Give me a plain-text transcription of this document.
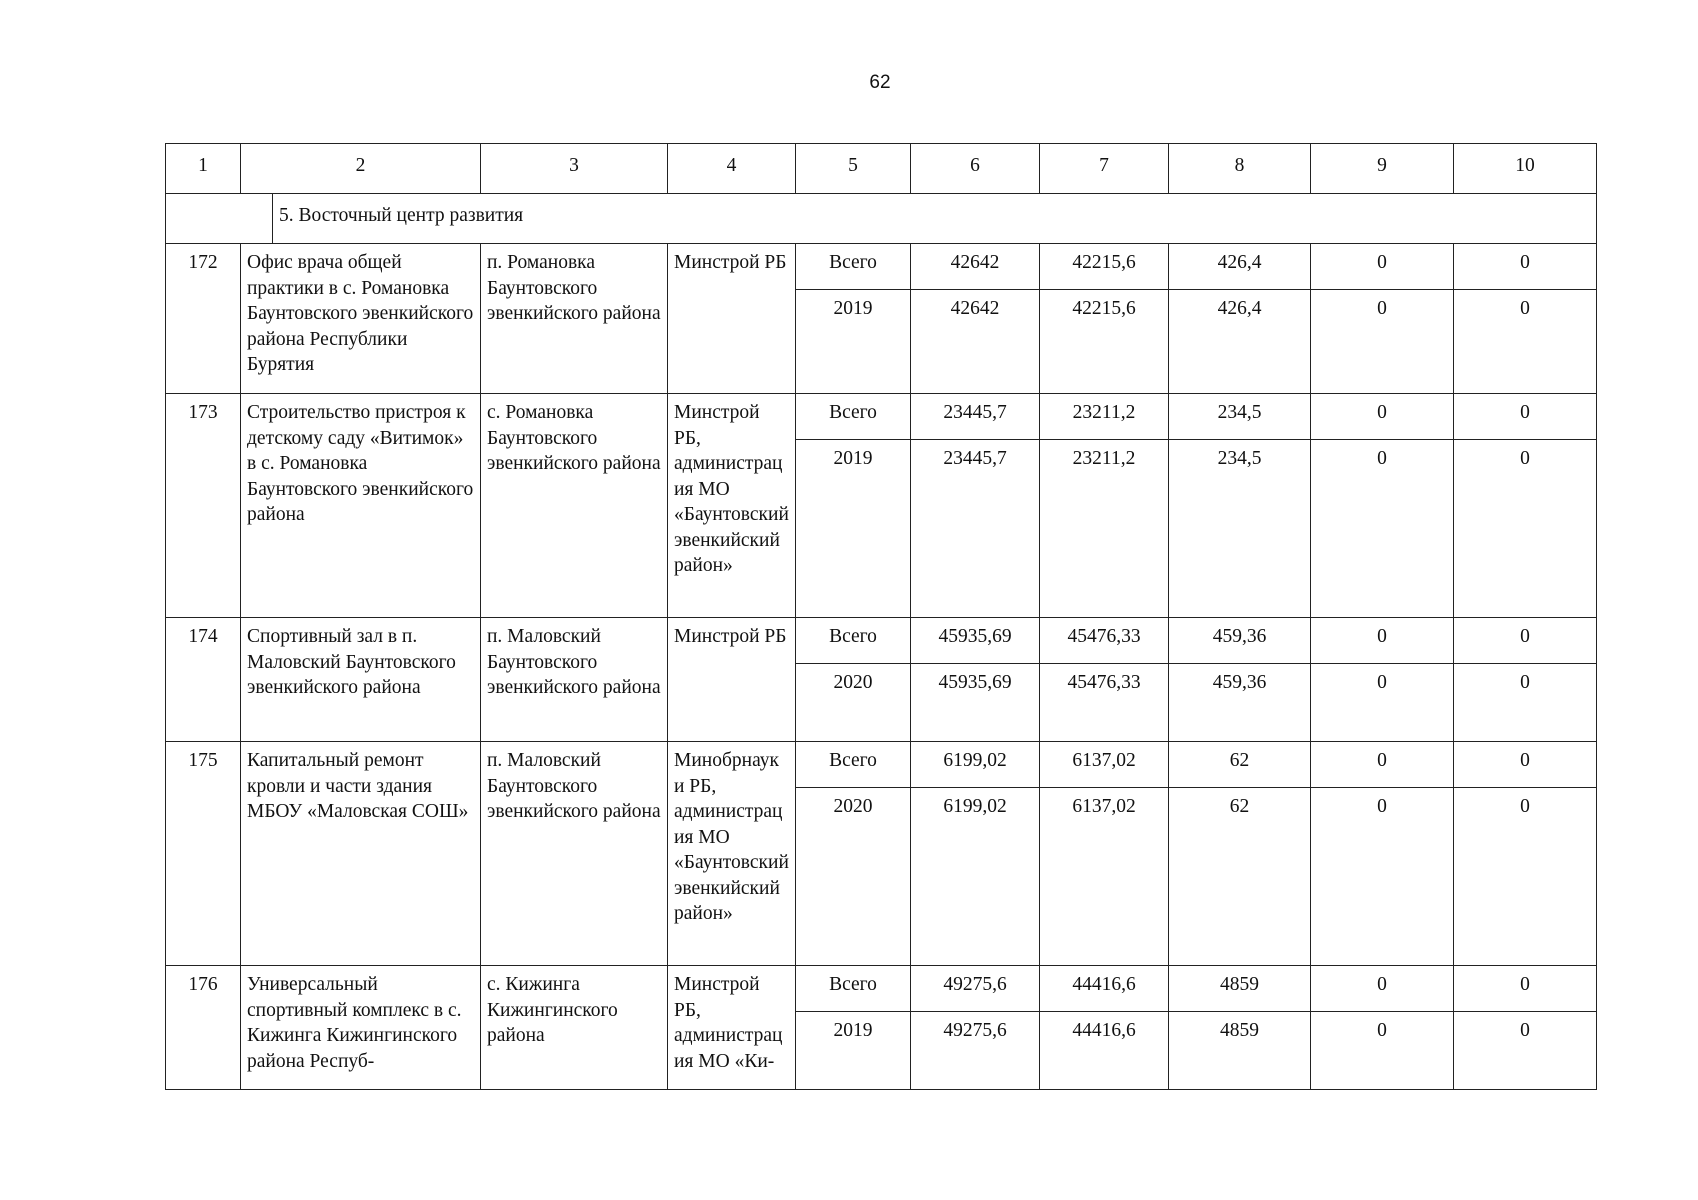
62
1	2		3	4	5	6	7	8	9	10
		5. Восточный центр развития								
172	Офис врача общей практики в с. Романовка Баунтовского эвенкийского района Республики Бурятия		п. Романовка Баунтовского эвенкийского района	Минстрой РБ	Всего	42642	42215,6	426,4	0	0
					2019	42642	42215,6	426,4	0	0
173	Строительство пристроя к детскому саду «Витимок» в с. Романовка Баунтовского эвенкийского района		с. Романовка Баунтовского эвенкийского района	Минстрой РБ, администрация МО «Баунтовский эвенкийский район»	Всего	23445,7	23211,2	234,5	0	0
					2019	23445,7	23211,2	234,5	0	0
174	Спортивный зал в п. Маловский Баунтовского эвенкийского района		п. Маловский Баунтовского эвенкийского района	Минстрой РБ	Всего	45935,69	45476,33	459,36	0	0
					2020	45935,69	45476,33	459,36	0	0
175	Капитальный ремонт кровли и части здания МБОУ «Маловская СОШ»		п. Маловский Баунтовского эвенкийского района	Минобрнауки РБ, администрация МО «Баунтовский эвенкийский район»	Всего	6199,02	6137,02	62	0	0
					2020	6199,02	6137,02	62	0	0
176	Универсальный спортивный комплекс в с. Кижинга Кижингинского района Респуб-		с. Кижинга Кижингинского района	Минстрой РБ, администрация МО «Ки-	Всего	49275,6	44416,6	4859	0	0
					2019	49275,6	44416,6	4859	0	0
